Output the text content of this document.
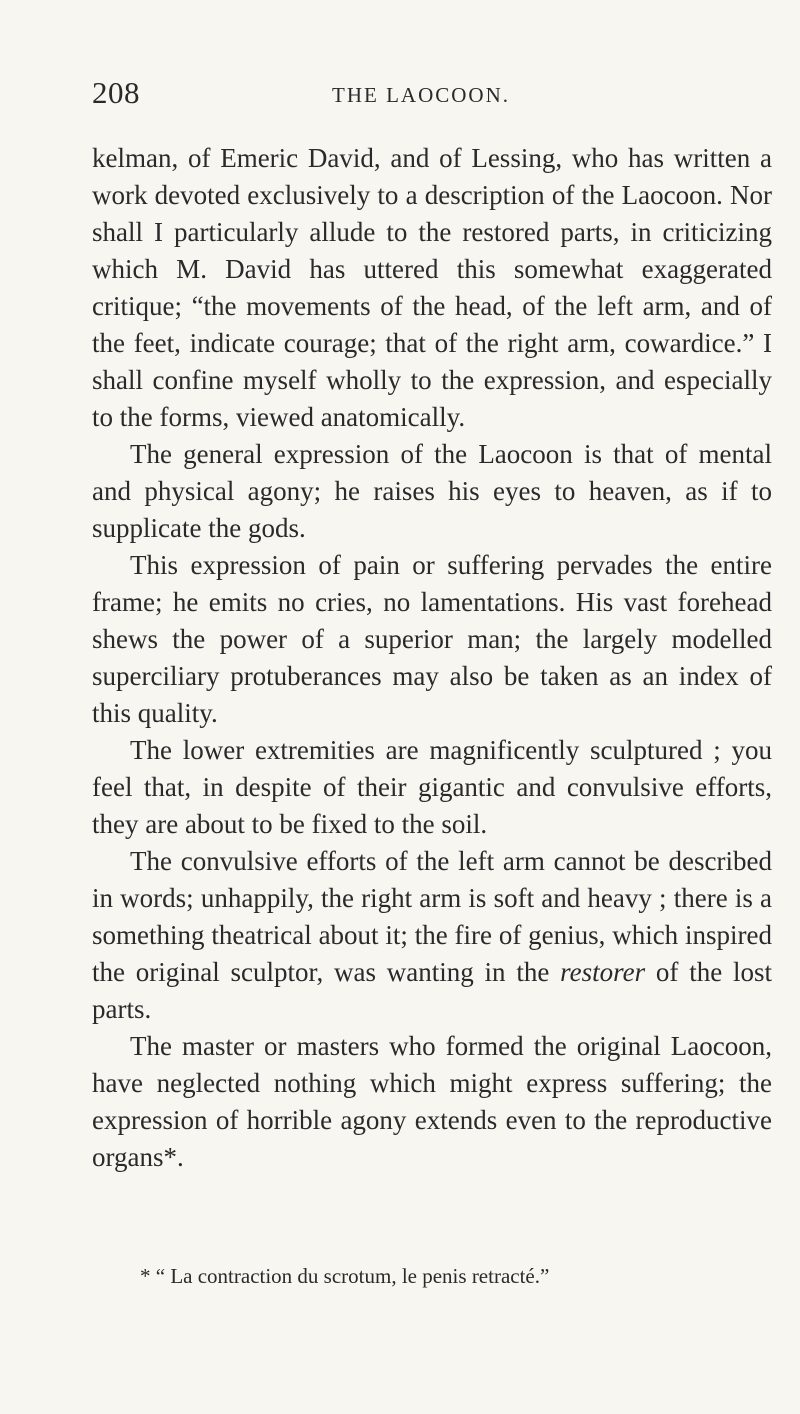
208	THE LAOCOON.

kelman, of Emeric David, and of Lessing, who has written a work devoted exclusively to a description of the Laocoon. Nor shall I particularly allude to the restored parts, in criticizing which M. David has uttered this somewhat exaggerated critique; “the movements of the head, of the left arm, and of the feet, indicate courage; that of the right arm, cowardice.” I shall confine myself wholly to the expression, and especially to the forms, viewed anatomically.

The general expression of the Laocoon is that of mental and physical agony; he raises his eyes to heaven, as if to supplicate the gods.

This expression of pain or suffering pervades the entire frame; he emits no cries, no lamentations. His vast forehead shews the power of a superior man; the largely modelled superciliary protuberances may also be taken as an index of this quality.

The lower extremities are magnificently sculptured ; you feel that, in despite of their gigantic and convulsive efforts, they are about to be fixed to the soil.

The convulsive efforts of the left arm cannot be described in words; unhappily, the right arm is soft and heavy ; there is a something theatrical about it; the fire of genius, which inspired the original sculptor, was wanting in the restorer of the lost parts.

The master or masters who formed the original Laocoon, have neglected nothing which might express suffering; the expression of horrible agony extends even to the reproductive organs*.

* “ La contraction du scrotum, le penis retracté.”
